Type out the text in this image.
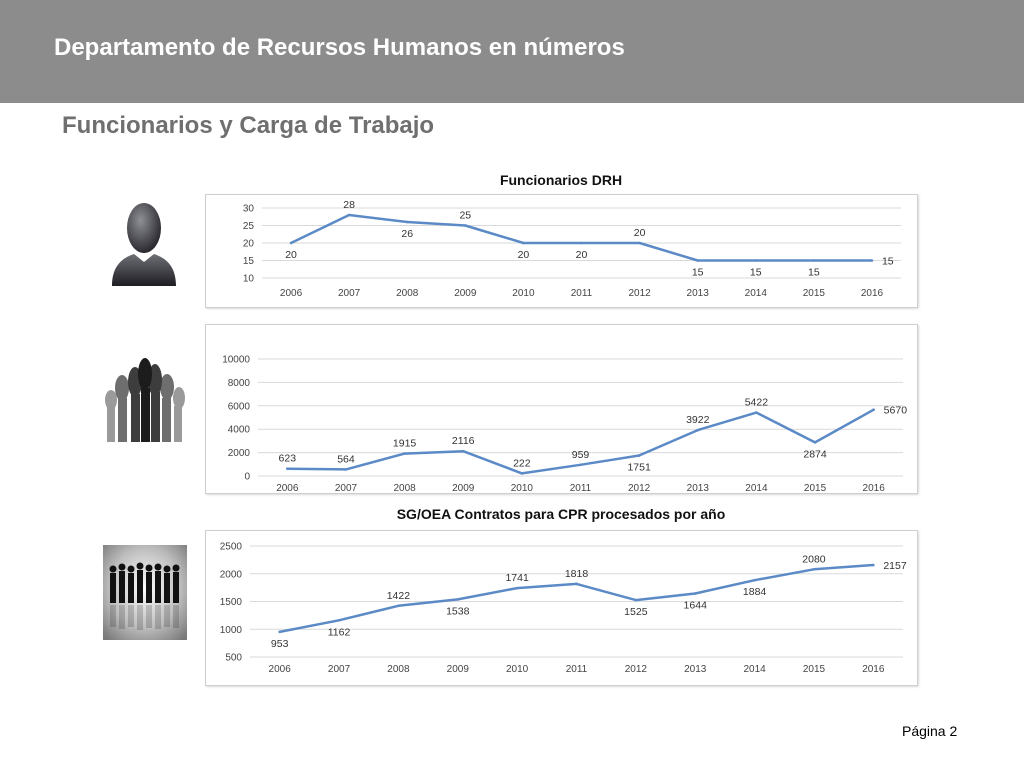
Departamento de Recursos Humanos en números
Funcionarios y Carga de Trabajo
Funcionarios DRH
10
15
20
25
30
2006	2007	2008	2009	2010	2011	2012	2013	2014	2015	2016
20
28
26
25
20	20
20
15	15	15
15
0
2000
4000
6000
8000
10000
2006	2007	2008	2009	2010	2011	2012	2013	2014	2015	2016
623	564
1915	2116
222
959
1751
3922
5422
2874
5670
SG/OEA Contratos para CPR procesados por año
500
1000
1500
2000
2500
2006	2007	2008	2009	2010	2011	2012	2013	2014	2015	2016
953
1162
1422
1538
1741	1818
1525
1644
1884
2080
2157
Página 2
